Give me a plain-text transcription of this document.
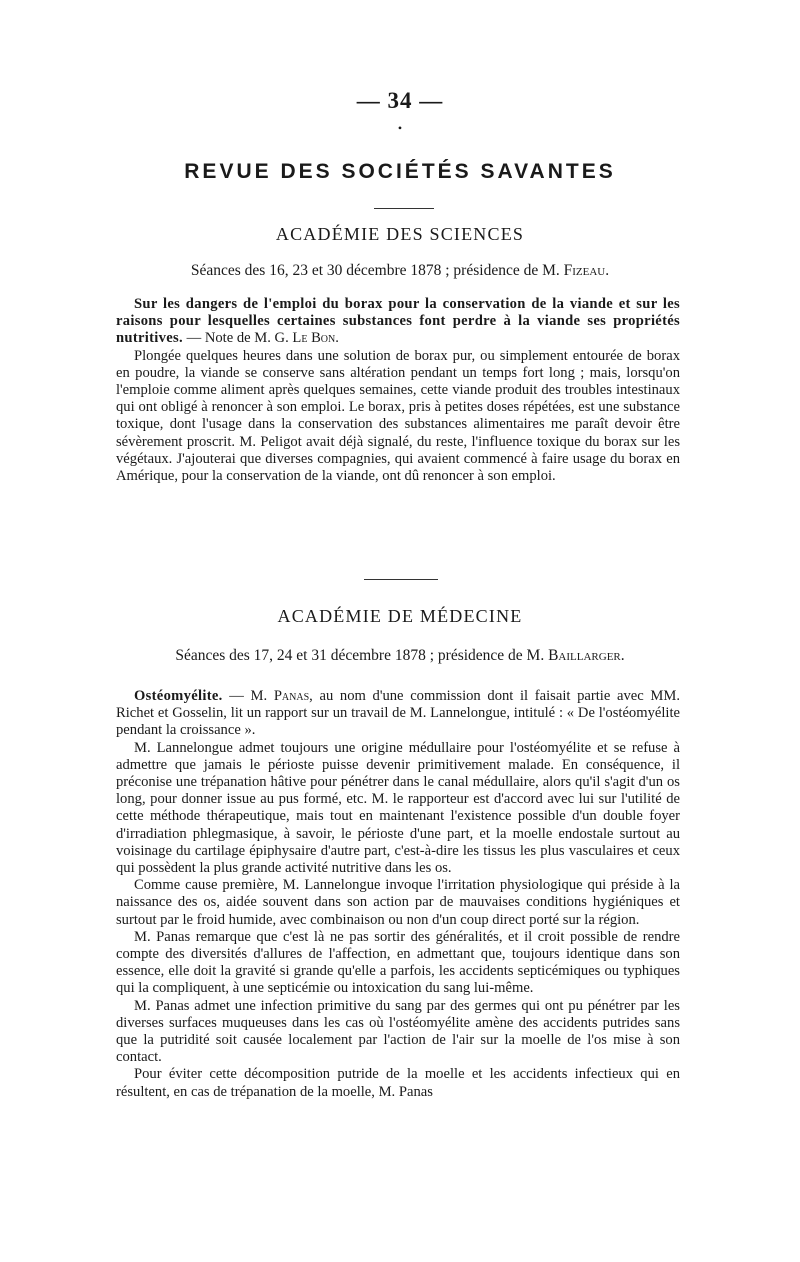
— 34 —
•
REVUE DES SOCIÉTÉS SAVANTES
ACADÉMIE DES SCIENCES
Séances des 16, 23 et 30 décembre 1878 ; présidence de M. Fizeau.

Sur les dangers de l'emploi du borax pour la conservation de la viande et sur les raisons pour lesquelles certaines substances font perdre à la viande ses propriétés nutritives. — Note de M. G. Le Bon.

Plongée quelques heures dans une solution de borax pur, ou simplement entourée de borax en poudre, la viande se conserve sans altération pendant un temps fort long ; mais, lorsqu'on l'emploie comme aliment après quelques semaines, cette viande produit des troubles intestinaux qui ont obligé à renoncer à son emploi. Le borax, pris à petites doses répétées, est une substance toxique, dont l'usage dans la conservation des substances alimentaires me paraît devoir être sévèrement proscrit. M. Peligot avait déjà signalé, du reste, l'influence toxique du borax sur les végétaux. J'ajouterai que diverses compagnies, qui avaient commencé à faire usage du borax en Amérique, pour la conservation de la viande, ont dû renoncer à son emploi.

ACADÉMIE DE MÉDECINE
Séances des 17, 24 et 31 décembre 1878 ; présidence de M. Baillarger.

Ostéomyélite. — M. Panas, au nom d'une commission dont il faisait partie avec MM. Richet et Gosselin, lit un rapport sur un travail de M. Lannelongue, intitulé : « De l'ostéomyélite pendant la croissance ».

M. Lannelongue admet toujours une origine médullaire pour l'ostéomyélite et se refuse à admettre que jamais le périoste puisse devenir primitivement malade. En conséquence, il préconise une trépanation hâtive pour pénétrer dans le canal médullaire, alors qu'il s'agit d'un os long, pour donner issue au pus formé, etc. M. le rapporteur est d'accord avec lui sur l'utilité de cette méthode thérapeutique, mais tout en maintenant l'existence possible d'un double foyer d'irradiation phlegmasique, à savoir, le périoste d'une part, et la moelle endostale surtout au voisinage du cartilage épiphysaire d'autre part, c'est-à-dire les tissus les plus vasculaires et ceux qui possèdent la plus grande activité nutritive dans les os.

Comme cause première, M. Lannelongue invoque l'irritation physiologique qui préside à la naissance des os, aidée souvent dans son action par de mauvaises conditions hygiéniques et surtout par le froid humide, avec combinaison ou non d'un coup direct porté sur la région.

M. Panas remarque que c'est là ne pas sortir des généralités, et il croit possible de rendre compte des diversités d'allures de l'affection, en admettant que, toujours identique dans son essence, elle doit la gravité si grande qu'elle a parfois, les accidents septicémiques ou typhiques qui la compliquent, à une septicémie ou intoxication du sang lui-même.

M. Panas admet une infection primitive du sang par des germes qui ont pu pénétrer par les diverses surfaces muqueuses dans les cas où l'ostéomyélite amène des accidents putrides sans que la putridité soit causée localement par l'action de l'air sur la moelle de l'os mise à son contact.

Pour éviter cette décomposition putride de la moelle et les accidents infectieux qui en résultent, en cas de trépanation de la moelle, M. Panas
